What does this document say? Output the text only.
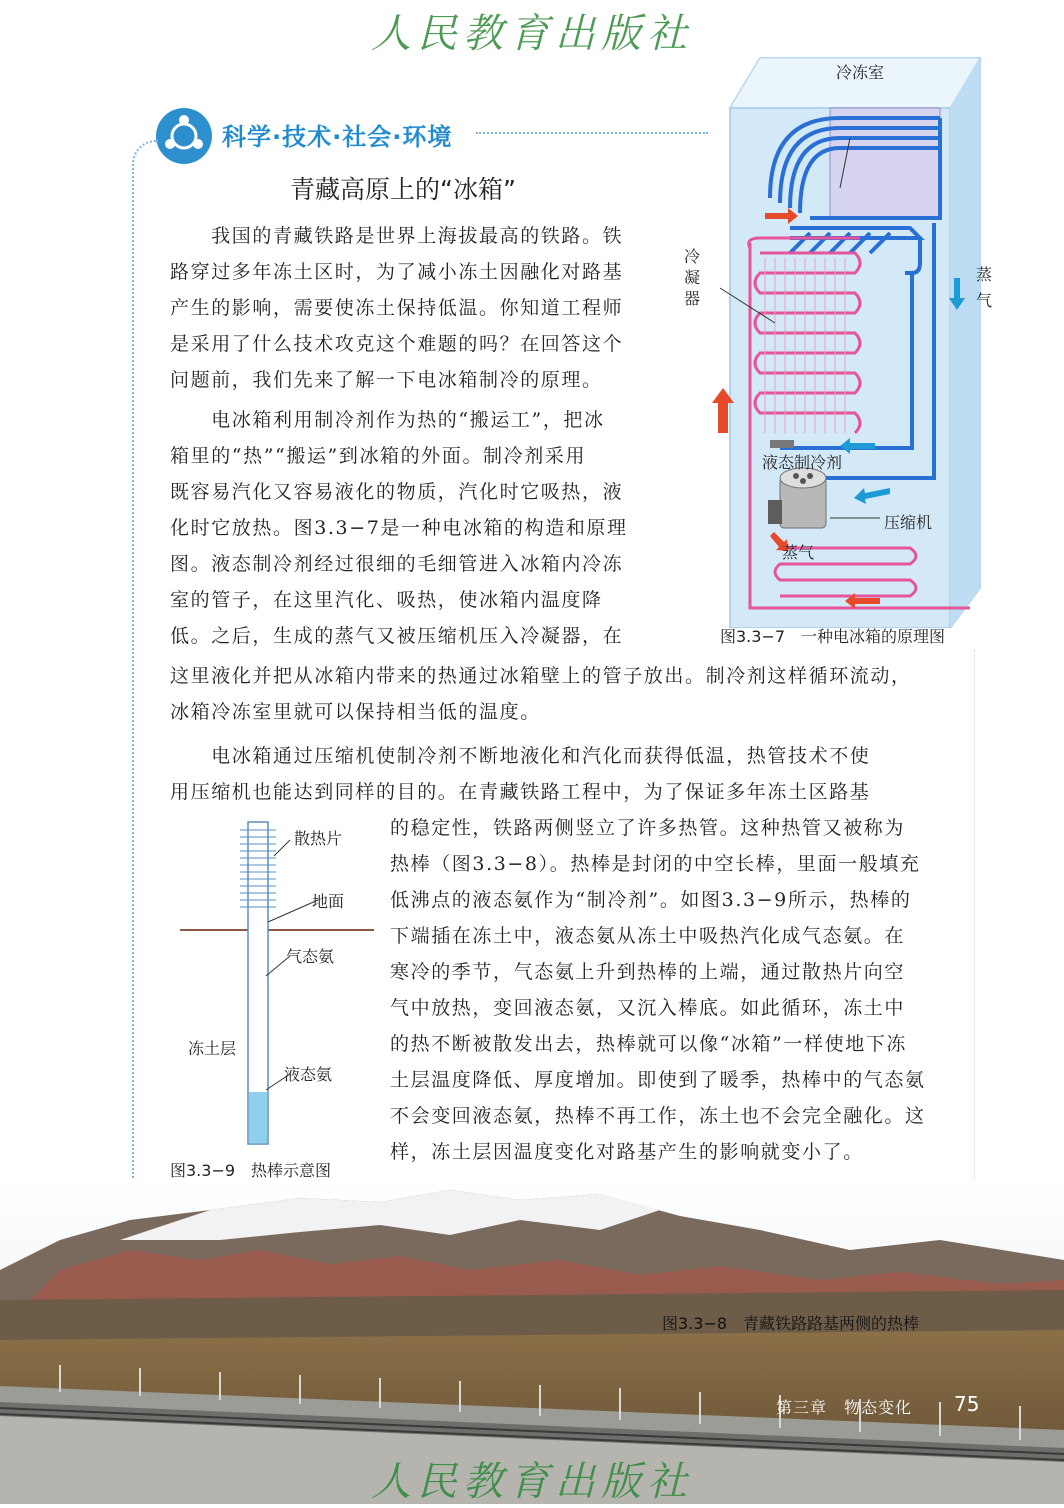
人民教育出版社
科学·技术·社会·环境
青藏高原上的“冰箱”
　　我国的青藏铁路是世界上海拔最高的铁路。铁
路穿过多年冻土区时，为了减小冻土因融化对路基
产生的影响，需要使冻土保持低温。你知道工程师
是采用了什么技术攻克这个难题的吗？在回答这个
问题前，我们先来了解一下电冰箱制冷的原理。
　　电冰箱利用制冷剂作为热的“搬运工”，把冰
箱里的“热”“搬运”到冰箱的外面。制冷剂采用
既容易汽化又容易液化的物质，汽化时它吸热，液
化时它放热。图3.3−7是一种电冰箱的构造和原理
图。液态制冷剂经过很细的毛细管进入冰箱内冷冻
室的管子，在这里汽化、吸热，使冰箱内温度降
低。之后，生成的蒸气又被压缩机压入冷凝器，在
这里液化并把从冰箱内带来的热通过冰箱壁上的管子放出。制冷剂这样循环流动，
冰箱冷冻室里就可以保持相当低的温度。
　　电冰箱通过压缩机使制冷剂不断地液化和汽化而获得低温，热管技术不使
用压缩机也能达到同样的目的。在青藏铁路工程中，为了保证多年冻土区路基
的稳定性，铁路两侧竖立了许多热管。这种热管又被称为
热棒（图3.3−8）。热棒是封闭的中空长棒，里面一般填充
低沸点的液态氨作为“制冷剂”。如图3.3−9所示，热棒的
下端插在冻土中，液态氨从冻土中吸热汽化成气态氨。在
寒冷的季节，气态氨上升到热棒的上端，通过散热片向空
气中放热，变回液态氨，又沉入棒底。如此循环，冻土中
的热不断被散发出去，热棒就可以像“冰箱”一样使地下冻
土层温度降低、厚度增加。即使到了暖季，热棒中的气态氨
不会变回液态氨，热棒不再工作，冻土也不会完全融化。这
样，冻土层因温度变化对路基产生的影响就变小了。
冷冻室
冷凝器
蒸气
液态制冷剂
压缩机
蒸气
图3.3−7　一种电冰箱的原理图
散热片
地面
气态氨
冻土层
液态氨
图3.3−9　热棒示意图
图3.3−8　青藏铁路路基两侧的热棒
第三章　物态变化 75
人民教育出版社
